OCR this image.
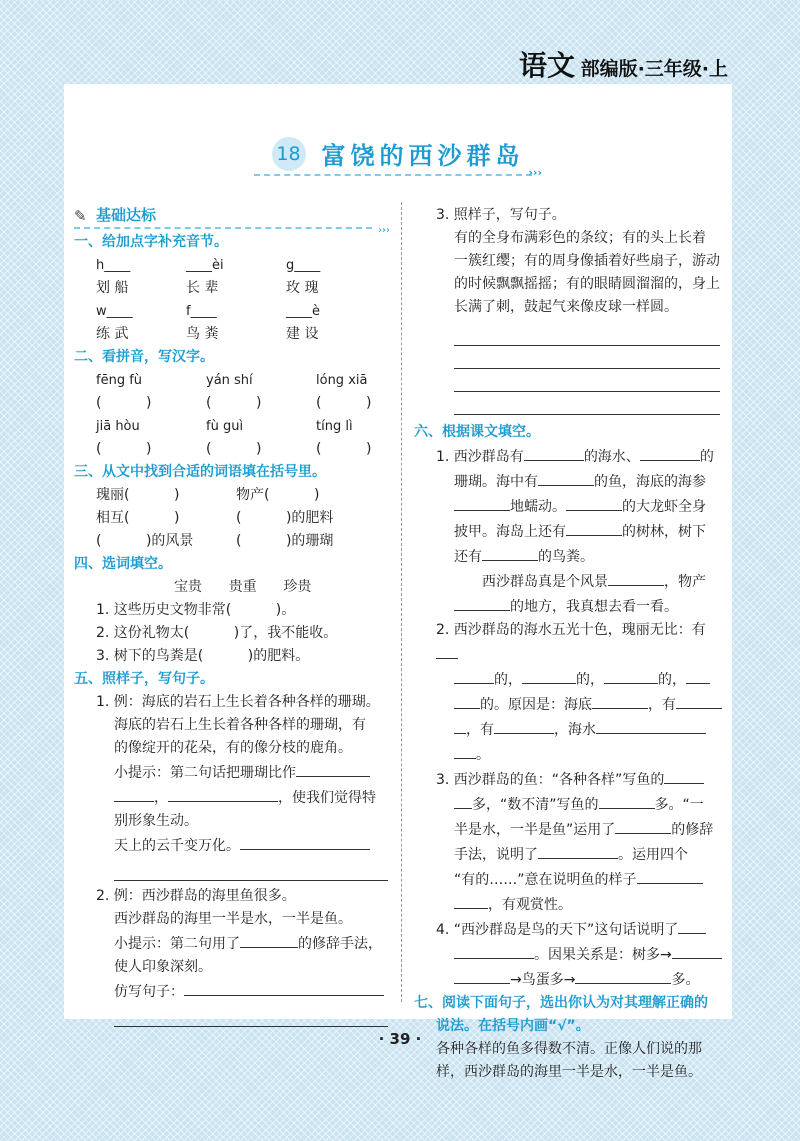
语文 部编版·三年级·上
18 富饶的西沙群岛
›››
✎ 基础达标
›››
一、给加点字补充音节。
h____	____èi	g____
划 船	长 辈	玫 瑰
w____	f____	____è
练 武	鸟 粪	建 设
二、看拼音，写汉字。
fēng fù	yán shí	lóng xiā
(          )	(          )	(          )
jiā hòu	fù guì	tíng lì
(          )	(          )	(          )
三、从文中找到合适的词语填在括号里。
瑰丽(          )	物产(          )
相互(          )	(          )的肥料
(          )的风景	(          )的珊瑚
四、选词填空。
宝贵 贵重 珍贵
1. 这些历史文物非常(          )。
2. 这份礼物太(          )了，我不能收。
3. 树下的鸟粪是(          )的肥料。
五、照样子，写句子。
1. 例：海底的岩石上生长着各种各样的珊瑚。
海底的岩石上生长着各种各样的珊瑚，有
的像绽开的花朵，有的像分枝的鹿角。
小提示：第二句话把珊瑚比作
，	，使我们觉得特
别形象生动。
天上的云千变万化。
2. 例：西沙群岛的海里鱼很多。
西沙群岛的海里一半是水，一半是鱼。
小提示：第二句用了	的修辞手法，
使人印象深刻。
仿写句子：
3. 照样子，写句子。
有的全身布满彩色的条纹；有的头上长着
一簇红缨；有的周身像插着好些扇子，游动
的时候飘飘摇摇；有的眼睛圆溜溜的，身上
长满了刺，鼓起气来像皮球一样圆。
六、根据课文填空。
1. 西沙群岛有	的海水、	的
珊瑚。海中有	的鱼，海底的海参
地蠕动。	的大龙虾全身
披甲。海岛上还有	的树林，树下
还有	的鸟粪。
西沙群岛真是个风景	，物产
的地方，我真想去看一看。
2. 西沙群岛的海水五光十色，瑰丽无比：有
的，	的，	的，
的。原因是：海底	，有
，有	，海水
。
3. 西沙群岛的鱼：“各种各样”写鱼的
多，“数不清”写鱼的	多。“一
半是水，一半是鱼”运用了	的修辞
手法，说明了	。运用四个
“有的……”意在说明鱼的样子
，有观赏性。
4. “西沙群岛是鸟的天下”这句话说明了
。因果关系是：树多→
→鸟蛋多→	多。
七、阅读下面句子，选出你认为对其理解正确的
说法。在括号内画“√”。
各种各样的鱼多得数不清。正像人们说的那
样，西沙群岛的海里一半是水，一半是鱼。
· 39 ·
